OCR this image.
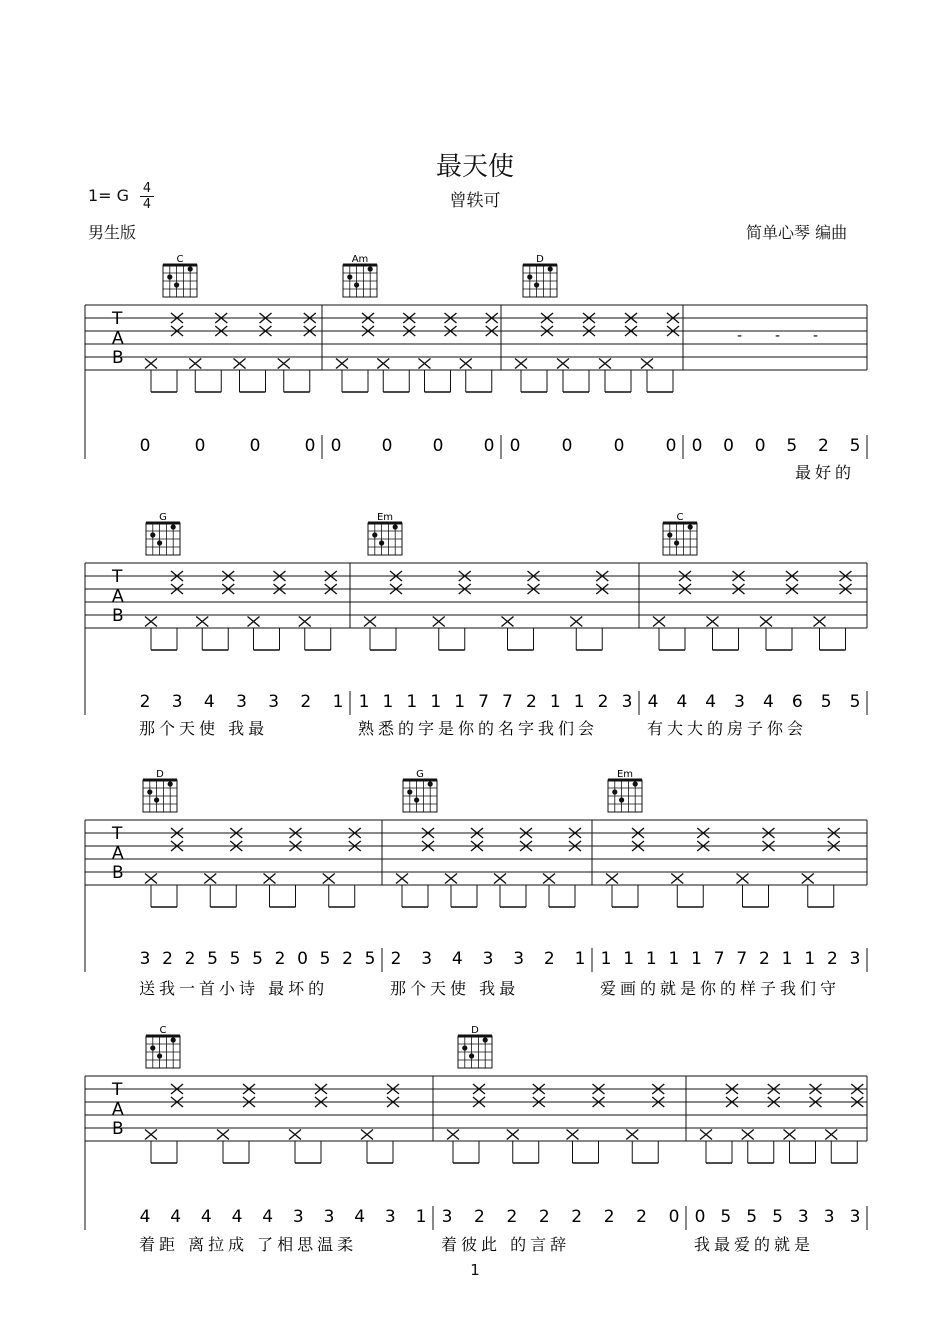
最天使
曾轶可
1= G 4
4
男生版	简单心琴 编曲
T
A
B
0	0	0	0 0 0 0 0 0 0 0 0
- - -
0 0 0 5 2 5
最好的
C	Am	D
T
A
B
2 3 4 3 3 2 1
那个天使 我最
1 1 1 1 1 7 7 2 1 1 2 3
熟悉的字是你的名字我们会
4 4 4 3 4 6 5 5
有大大的房子你会
G	Em	C
T
A
B
3 2 2 5 5 5 2 0 5 2 5
送我一首小诗 最坏的
2 3 4 3 3 2 1
那个天使 我最
1 1 1 1 1 7 7 2 1 1 2 3
爱画的就是你的样子我们守
D	G	Em
T
A
B
4 4 4 4 4 3 3 4 3 1
着距 离拉成 了相思温柔
3 2 2 2 2 2 2 0
着彼此 的言辞
0 5 5 5 3 3 3
我最爱的就是
C	D
1
